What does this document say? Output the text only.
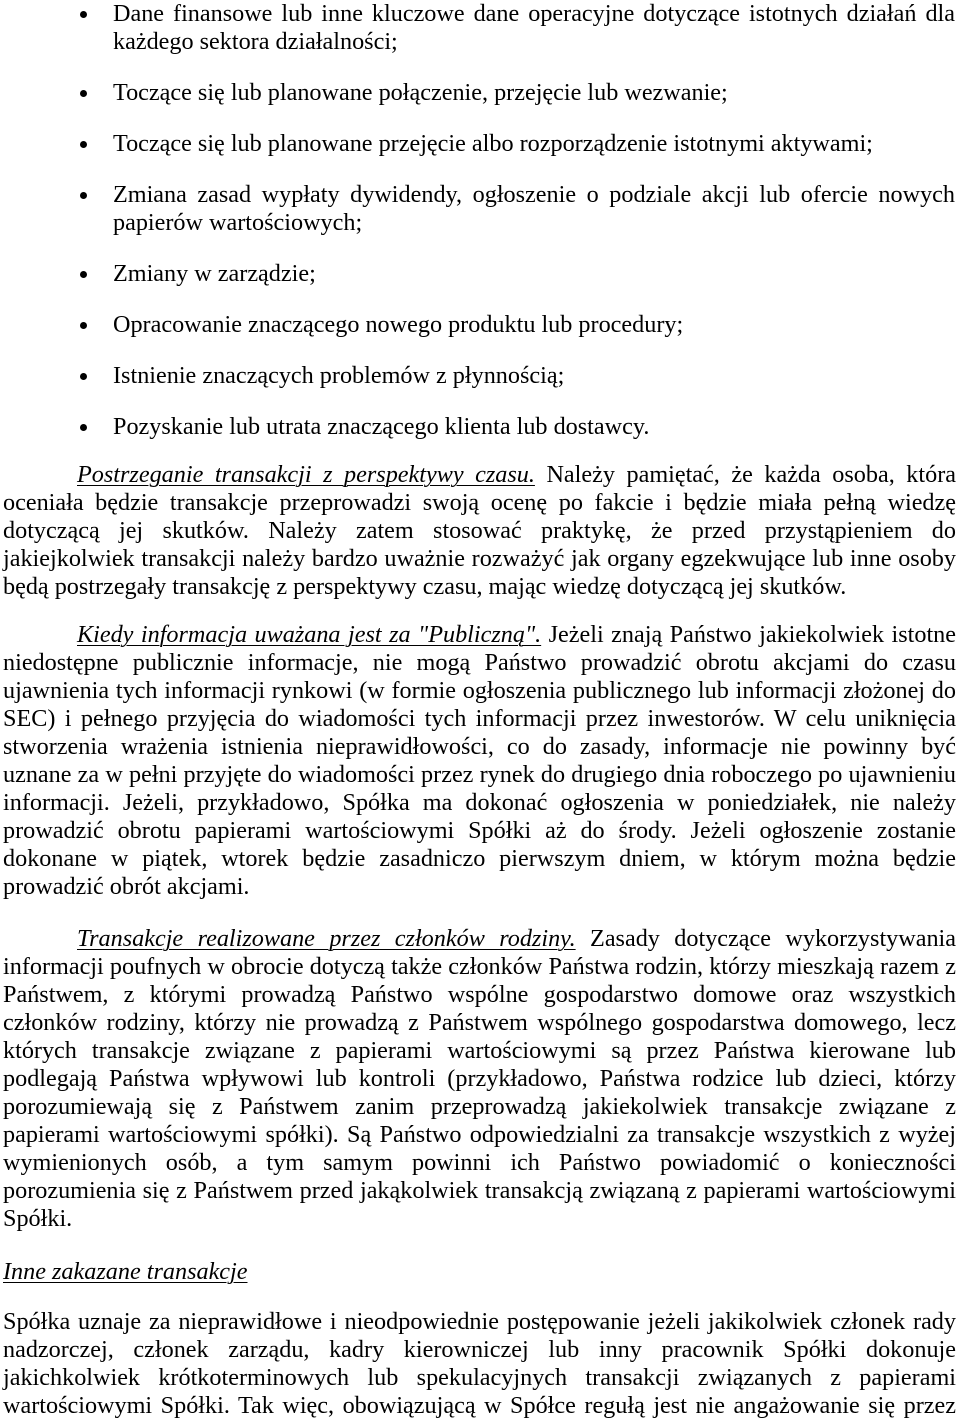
Dane finansowe lub inne kluczowe dane operacyjne dotyczące istotnych działań dla każdego sektora działalności;
Toczące się lub planowane połączenie, przejęcie lub wezwanie;
Toczące się lub planowane przejęcie albo rozporządzenie istotnymi aktywami;
Zmiana zasad wypłaty dywidendy, ogłoszenie o podziale akcji lub ofercie nowych papierów wartościowych;
Zmiany w zarządzie;
Opracowanie znaczącego nowego produktu lub procedury;
Istnienie znaczących problemów z płynnością;
Pozyskanie lub utrata znaczącego klienta lub dostawcy.

Postrzeganie transakcji z perspektywy czasu. Należy pamiętać, że każda osoba, która oceniała będzie transakcje przeprowadzi swoją ocenę po fakcie i będzie miała pełną wiedzę dotyczącą jej skutków. Należy zatem stosować praktykę, że przed przystąpieniem do jakiejkolwiek transakcji należy bardzo uważnie rozważyć jak organy egzekwujące lub inne osoby będą postrzegały transakcję z perspektywy czasu, mając wiedzę dotyczącą jej skutków.

Kiedy informacja uważana jest za "Publiczną". Jeżeli znają Państwo jakiekolwiek istotne niedostępne publicznie informacje, nie mogą Państwo prowadzić obrotu akcjami do czasu ujawnienia tych informacji rynkowi (w formie ogłoszenia publicznego lub informacji złożonej do SEC) i pełnego przyjęcia do wiadomości tych informacji przez inwestorów. W celu uniknięcia stworzenia wrażenia istnienia nieprawidłowości, co do zasady, informacje nie powinny być uznane za w pełni przyjęte do wiadomości przez rynek do drugiego dnia roboczego po ujawnieniu informacji. Jeżeli, przykładowo, Spółka ma dokonać ogłoszenia w poniedziałek, nie należy prowadzić obrotu papierami wartościowymi Spółki aż do środy. Jeżeli ogłoszenie zostanie dokonane w piątek, wtorek będzie zasadniczo pierwszym dniem, w którym można będzie prowadzić obrót akcjami.

Transakcje realizowane przez członków rodziny. Zasady dotyczące wykorzystywania informacji poufnych w obrocie dotyczą także członków Państwa rodzin, którzy mieszkają razem z Państwem, z którymi prowadzą Państwo wspólne gospodarstwo domowe oraz wszystkich członków rodziny, którzy nie prowadzą z Państwem wspólnego gospodarstwa domowego, lecz których transakcje związane z papierami wartościowymi są przez Państwa kierowane lub podlegają Państwa wpływowi lub kontroli (przykładowo, Państwa rodzice lub dzieci, którzy porozumiewają się z Państwem zanim przeprowadzą jakiekolwiek transakcje związane z papierami wartościowymi spółki). Są Państwo odpowiedzialni za transakcje wszystkich z wyżej wymienionych osób, a tym samym powinni ich Państwo powiadomić o konieczności porozumienia się z Państwem przed jakąkolwiek transakcją związaną z papierami wartościowymi Spółki.

Inne zakazane transakcje

Spółka uznaje za nieprawidłowe i nieodpowiednie postępowanie jeżeli jakikolwiek członek rady nadzorczej, członek zarządu, kadry kierowniczej lub inny pracownik Spółki dokonuje jakichkolwiek krótkoterminowych lub spekulacyjnych transakcji związanych z papierami wartościowymi Spółki. Tak więc, obowiązującą w Spółce regułą jest nie angażowanie się przez
